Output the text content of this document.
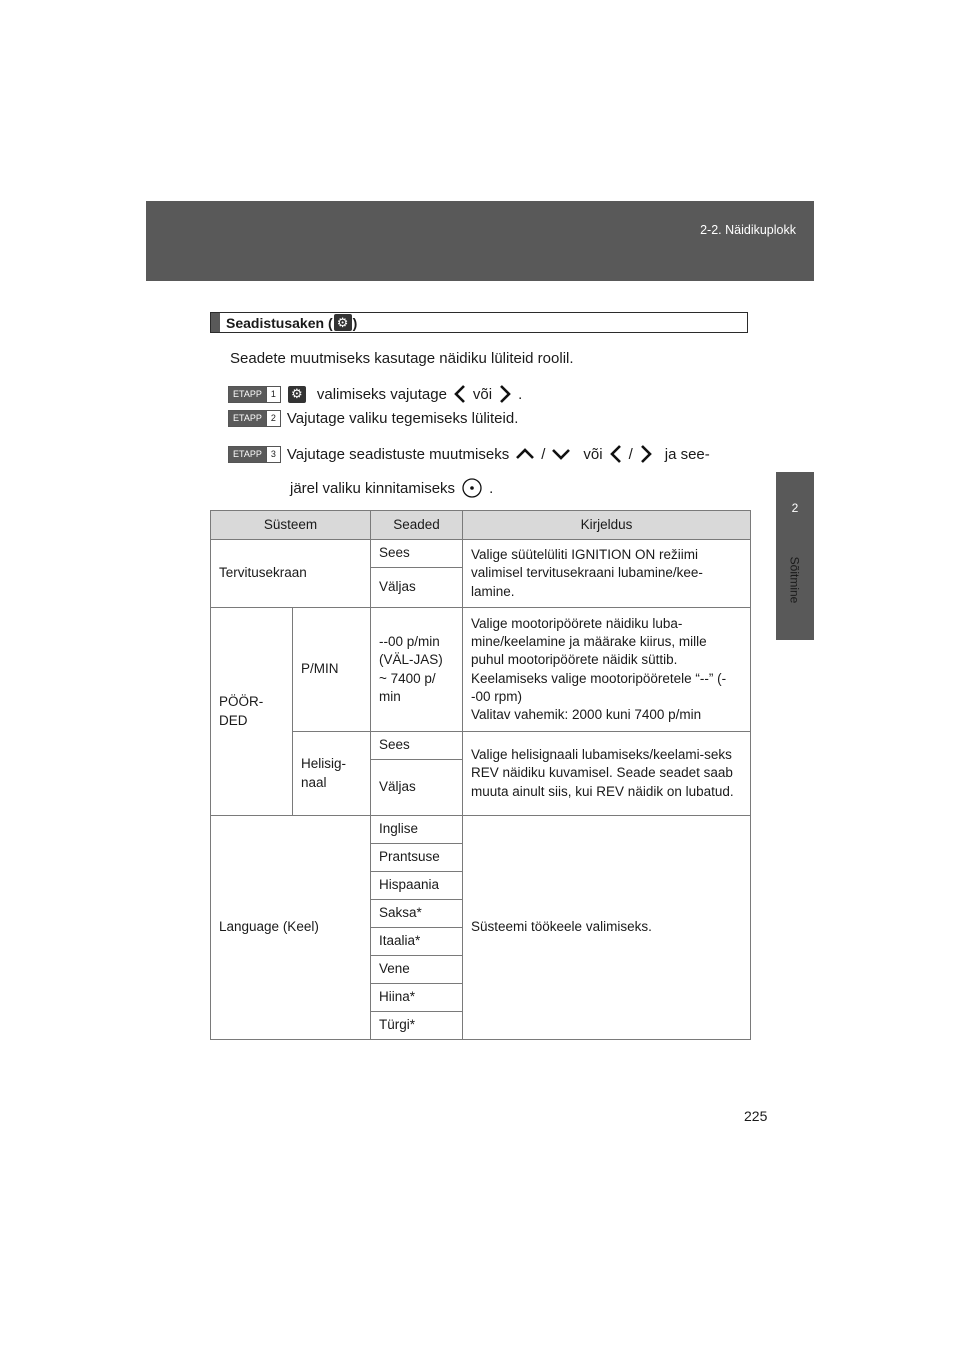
2-2. Näidikuplokk
2
Sõitmine
Seadistusaken ( ⚙ )
Seadete muutmiseks kasutage näidiku lüliteid roolil.
ETAPP	1	⚙ valimiseks vajutage või .
ETAPP	2 Vajutage valiku tegemiseks lüliteid.
ETAPP	3 Vajutage seadistuste muutmiseks /	või / ja see-
järel valiku kinnitamiseks .
Süsteem		Seaded	Kirjeldus
Tervitusekraan		Sees	Valige süütelüliti IGNITION ON režiimi valimisel tervitusekraani lubamine/kee-lamine.
		Väljas	
PÖÖR-
DED	P/MIN	--00 p/min (VÄL-JAS) ~ 7400 p/ min	Valige mootoripöörete näidiku luba-mine/keelamine ja määrake kiirus, mille puhul mootoripöörete näidik süttib. Keelamiseks valige mootoripööretele “--” (--00 rpm)
Valitav vahemik: 2000 kuni 7400 p/min
	Helisig-
naal	Sees	Valige helisignaali lubamiseks/keelami-seks REV näidiku kuvamisel. Seade seadet saab muuta ainult siis, kui REV näidik on lubatud.
		Väljas	
Language (Keel)		Inglise	Süsteemi töökeele valimiseks.
		Prantsuse	
		Hispaania	
		Saksa*	
		Itaalia*	
		Vene	
		Hiina*	
		Türgi*	
225
